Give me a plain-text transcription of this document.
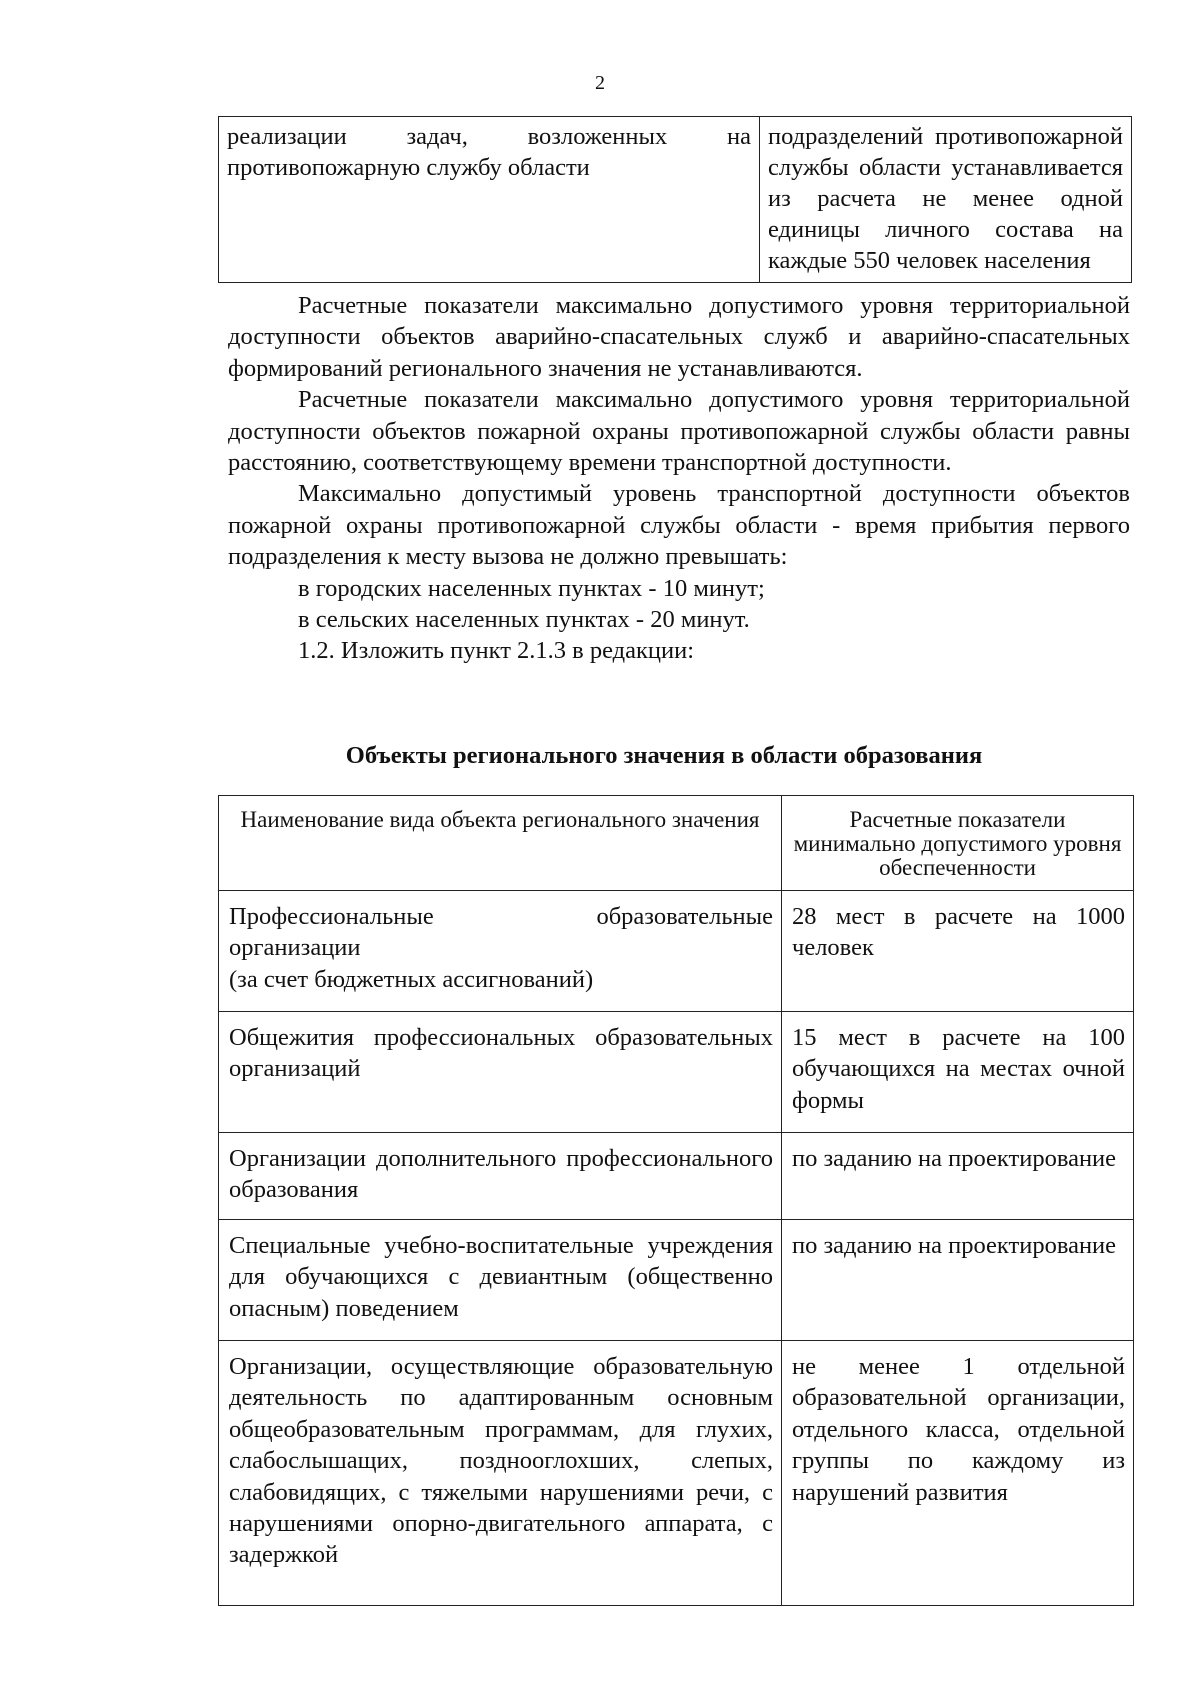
2
реализации задач, возложенных на противопожарную службу области	подразделений противопожарной службы области устанавливается из расчета не менее одной единицы личного состава на каждые 550 человек населения

Расчетные показатели максимально допустимого уровня территориальной доступности объектов аварийно-спасательных служб и аварийно-спасательных формирований регионального значения не устанавливаются.

Расчетные показатели максимально допустимого уровня территориальной доступности объектов пожарной охраны противопожарной службы области равны расстоянию, соответствующему времени транспортной доступности.

Максимально допустимый уровень транспортной доступности объектов пожарной охраны противопожарной службы области - время прибытия первого подразделения к месту вызова не должно превышать:

в городских населенных пунктах - 10 минут;

в сельских населенных пунктах - 20 минут.

1.2. Изложить пункт 2.1.3 в редакции:

Объекты регионального значения в области образования
Наименование вида объекта регионального значения	Расчетные показатели минимально допустимого уровня обеспеченности

Профессиональные образовательные
организации
(за счет бюджетных ассигнований)	28 мест в расчете на 1000 человек
Общежития профессиональных образовательных организаций	15 мест в расчете на 100 обучающихся на местах очной формы
Организации дополнительного профессионального образования	по заданию на проектирование
Специальные учебно-воспитательные учреждения для обучающихся с девиантным (общественно опасным) поведением	по заданию на проектирование
Организации, осуществляющие образовательную деятельность по адаптированным основным общеобразовательным программам, для глухих, слабослышащих, позднооглохших, слепых, слабовидящих, с тяжелыми нарушениями речи, с нарушениями опорно-двигательного аппарата, с задержкой	не менее 1 отдельной образовательной организации, отдельного класса, отдельной группы по каждому из нарушений развития
